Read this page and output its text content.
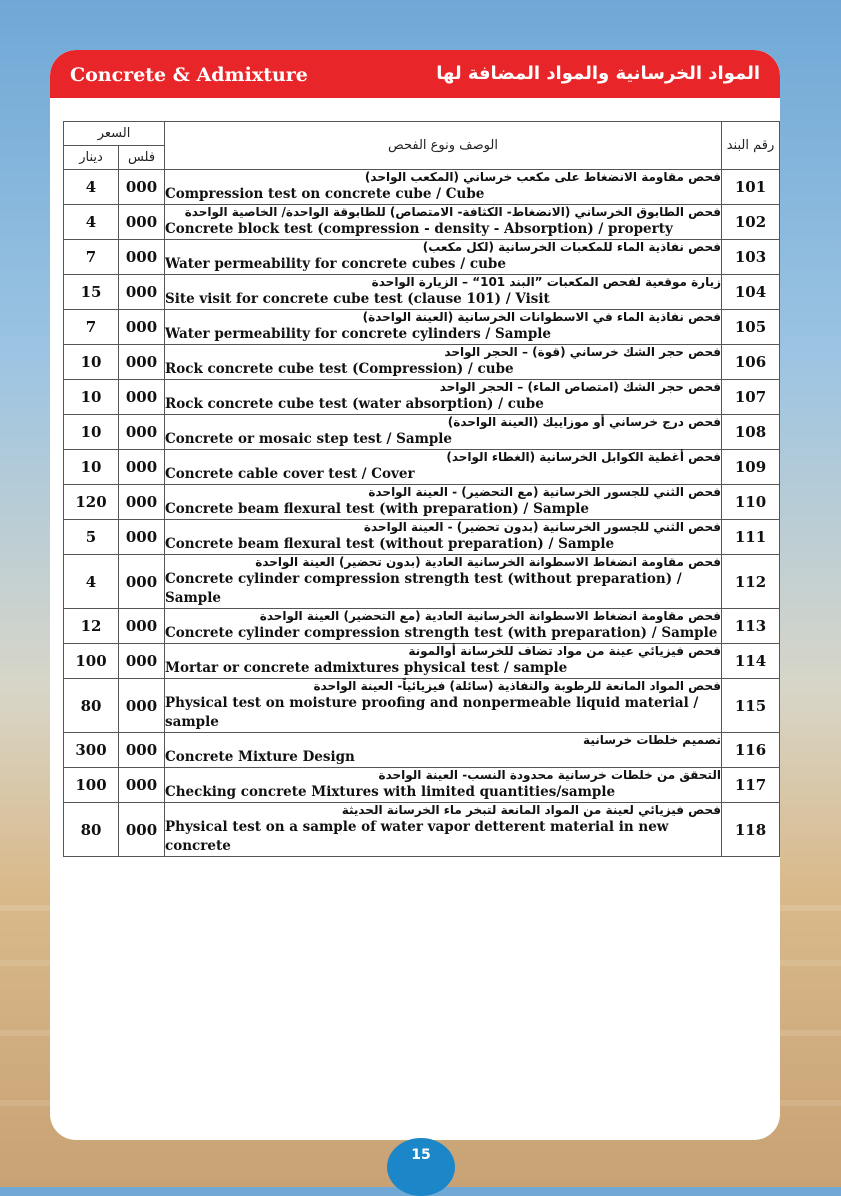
Concrete & Admixture	المواد الخرسانية والمواد المضافة لها
السعر		الوصف ونوع الفحص	رقم البند
دينار	فلس		
4	000	فحص مقاومة الانضغاط على مكعب خرساني (المكعب الواحد)
Compression test on concrete cube / Cube	101
4	000	فحص الطابوق الخرساني (الانضغاط- الكثافة- الامتصاص) للطابوقة الواحدة/ الخاصية الواحدة
Concrete block test (compression - density - Absorption) / property	102
7	000	فحص نفاذية الماء للمكعبات الخرسانية (لكل مكعب)
Water permeability for concrete cubes / cube	103
15	000	زيارة موقعية لفحص المكعبات ”البند 101“ – الزيارة الواحدة
Site visit for concrete cube test (clause 101) / Visit	104
7	000	فحص نفاذية الماء في الاسطوانات الخرسانية (العينة الواحدة)
Water permeability for concrete cylinders / Sample	105
10	000	فحص حجر الشك خرساني (قوة) – الحجر الواحد
Rock concrete cube test (Compression) / cube	106
10	000	فحص حجر الشك (امتصاص الماء) – الحجر الواحد
Rock concrete cube test (water absorption) / cube	107
10	000	فحص درج خرساني أو موزاييك (العينة الواحدة)
Concrete or mosaic step test / Sample	108
10	000	فحص أغطية الكوابل الخرسانية (الغطاء الواحد)
Concrete cable cover test / Cover	109
120	000	فحص الثني للجسور الخرسانية (مع التحضير) - العينة الواحدة
Concrete beam flexural test (with preparation) / Sample	110
5	000	فحص الثني للجسور الخرسانية (بدون تحضير) - العينة الواحدة
Concrete beam flexural test (without preparation) / Sample	111
4	000	فحص مقاومة انضغاط الاسطوانة الخرسانية العادية (بدون تحضير) العينة الواحدة
Concrete cylinder compression strength test (without preparation) / Sample	112
12	000	فحص مقاومة انضغاط الاسطوانة الخرسانية العادية (مع التحضير) العينة الواحدة
Concrete cylinder compression strength test (with preparation) / Sample	113
100	000	فحص فيزيائي عينة من مواد تضاف للخرسانة أوالمونة
Mortar or concrete admixtures physical test / sample	114
80	000	فحص المواد المانعة للرطوبة والنفاذية (سائلة) فيزيائياً- العينة الواحدة
Physical test on moisture proofing and nonpermeable liquid material / sample	115
300	000	تصميم خلطات خرسانية
Concrete Mixture Design	116
100	000	التحقق من خلطات خرسانية محدودة النسب- العينة الواحدة
Checking concrete Mixtures with limited quantities/sample	117
80	000	فحص فيزيائي لعينة من المواد المانعة لتبخر ماء الخرسانة الحديثة
Physical test on a sample of water vapor detterent material in new concrete	118
15
